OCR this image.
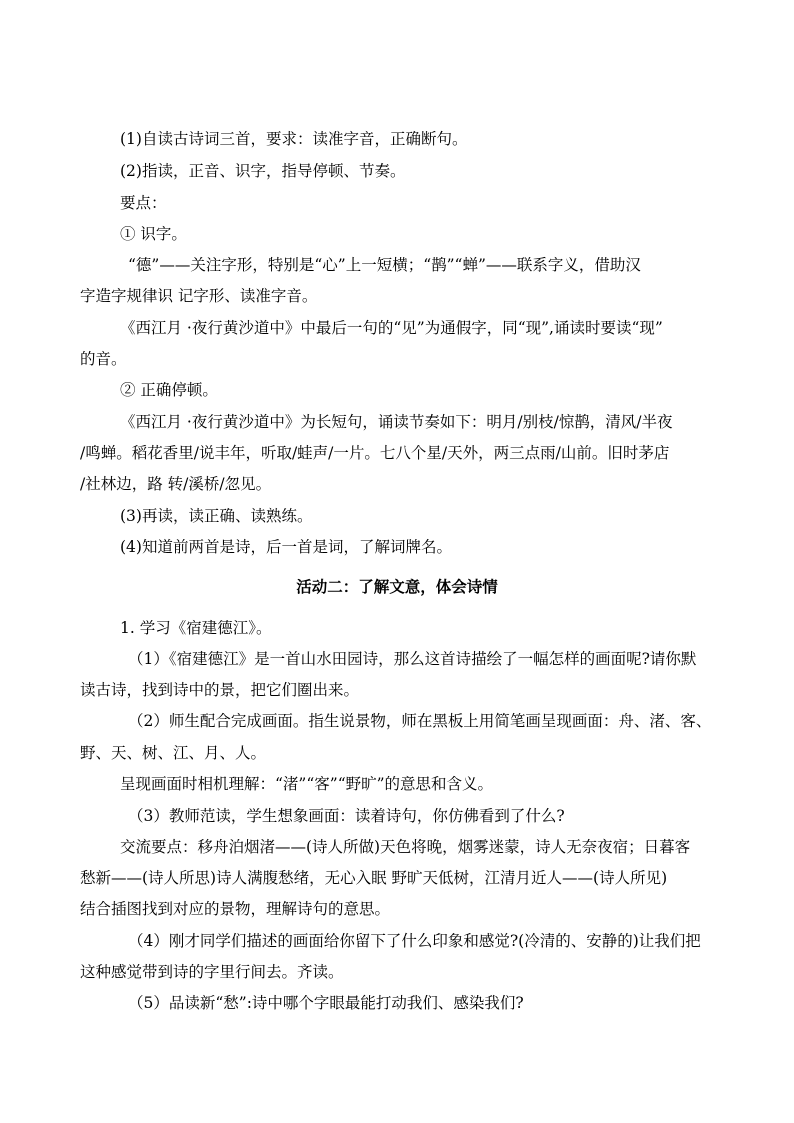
(1)自读古诗词三首，要求：读准字音，正确断句。
(2)指读，正音、识字，指导停顿、节奏。
要点：
① 识字。
“德”——关注字形，特别是“心”上一短横；“鹊”“蝉”——联系字义，借助汉
字造字规律识 记字形、读准字音。
《西江月 ·夜行黄沙道中》中最后一句的“见”为通假字，同“现”,诵读时要读“现”
的音。
② 正确停顿。
《西江月 ·夜行黄沙道中》为长短句，诵读节奏如下：明月/别枝/惊鹊，清风/半夜
/鸣蝉。稻花香里/说丰年，听取/蛙声/一片。七八个星/天外，两三点雨/山前。旧时茅店
/社林边，路 转/溪桥/忽见。
(3)再读，读正确、读熟练。
(4)知道前两首是诗，后一首是词，了解词牌名。
活动二：了解文意，体会诗情
1. 学习《宿建德江》。
（1）《宿建德江》是一首山水田园诗，那么这首诗描绘了一幅怎样的画面呢?请你默
读古诗，找到诗中的景，把它们圈出来。
（2）师生配合完成画面。指生说景物，师在黑板上用简笔画呈现画面：舟、渚、客、
野、天、树、江、月、人。
呈现画面时相机理解：“渚”“客”“野旷”的意思和含义。
（3）教师范读，学生想象画面：读着诗句，你仿佛看到了什么?
交流要点：移舟泊烟渚——(诗人所做)天色将晚，烟雾迷蒙，诗人无奈夜宿；日暮客
愁新——(诗人所思)诗人满腹愁绪，无心入眠 野旷天低树，江清月近人——(诗人所见)
结合插图找到对应的景物，理解诗句的意思。
（4）刚才同学们描述的画面给你留下了什么印象和感觉?(冷清的、安静的)让我们把
这种感觉带到诗的字里行间去。齐读。
（5）品读新“愁”:诗中哪个字眼最能打动我们、感染我们?
